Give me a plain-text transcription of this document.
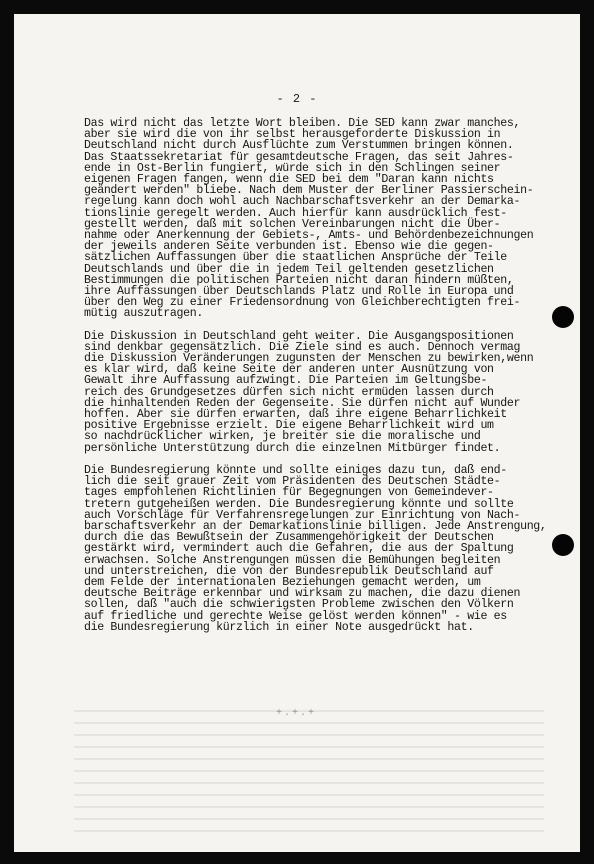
- 2 -

Das wird nicht das letzte Wort bleiben. Die SED kann zwar manches,
aber sie wird die von ihr selbst herausgeforderte Diskussion in
Deutschland nicht durch Ausflüchte zum Verstummen bringen können.
Das Staatssekretariat für gesamtdeutsche Fragen, das seit Jahres-
ende in Ost-Berlin fungiert, würde sich in den Schlingen seiner
eigenen Fragen fangen, wenn die SED bei dem "Daran kann nichts
geändert werden" bliebe. Nach dem Muster der Berliner Passierschein-
regelung kann doch wohl auch Nachbarschaftsverkehr an der Demarka-
tionslinie geregelt werden. Auch hierfür kann ausdrücklich fest-
gestellt werden, daß mit solchen Vereinbarungen nicht die Über-
nahme oder Anerkennung der Gebiets-, Amts- und Behördenbezeichnungen
der jeweils anderen Seite verbunden ist. Ebenso wie die gegen-
sätzlichen Auffassungen über die staatlichen Ansprüche der Teile
Deutschlands und über die in jedem Teil geltenden gesetzlichen
Bestimmungen die politischen Parteien nicht daran hindern müßten,
ihre Auffassungen über Deutschlands Platz und Rolle in Europa und
über den Weg zu einer Friedensordnung von Gleichberechtigten frei-
mütig auszutragen.

Die Diskussion in Deutschland geht weiter. Die Ausgangspositionen
sind denkbar gegensätzlich. Die Ziele sind es auch. Dennoch vermag
die Diskussion Veränderungen zugunsten der Menschen zu bewirken,wenn
es klar wird, daß keine Seite der anderen unter Ausnützung von
Gewalt ihre Auffassung aufzwingt. Die Parteien im Geltungsbe-
reich des Grundgesetzes dürfen sich nicht ermüden lassen durch
die hinhaltenden Reden der Gegenseite. Sie dürfen nicht auf Wunder
hoffen. Aber sie dürfen erwarten, daß ihre eigene Beharrlichkeit
positive Ergebnisse erzielt. Die eigene Beharrlichkeit wird um
so nachdrücklicher wirken, je breiter sie die moralische und
persönliche Unterstützung durch die einzelnen Mitbürger findet.

Die Bundesregierung könnte und sollte einiges dazu tun, daß end-
lich die seit grauer Zeit vom Präsidenten des Deutschen Städte-
tages empfohlenen Richtlinien für Begegnungen von Gemeindever-
tretern gutgeheißen werden. Die Bundesregierung könnte und sollte
auch Vorschläge für Verfahrensregelungen zur Einrichtung von Nach-
barschaftsverkehr an der Demarkationslinie billigen. Jede Anstrengung,
durch die das Bewußtsein der Zusammengehörigkeit der Deutschen
gestärkt wird, vermindert auch die Gefahren, die aus der Spaltung
erwachsen. Solche Anstrengungen müssen die Bemühungen begleiten
und unterstreichen, die von der Bundesrepublik Deutschland auf
dem Felde der internationalen Beziehungen gemacht werden, um
deutsche Beiträge erkennbar und wirksam zu machen, die dazu dienen
sollen, daß "auch die schwierigsten Probleme zwischen den Völkern
auf friedliche und gerechte Weise gelöst werden können" - wie es
die Bundesregierung kürzlich in einer Note ausgedrückt hat.

+.+.+
